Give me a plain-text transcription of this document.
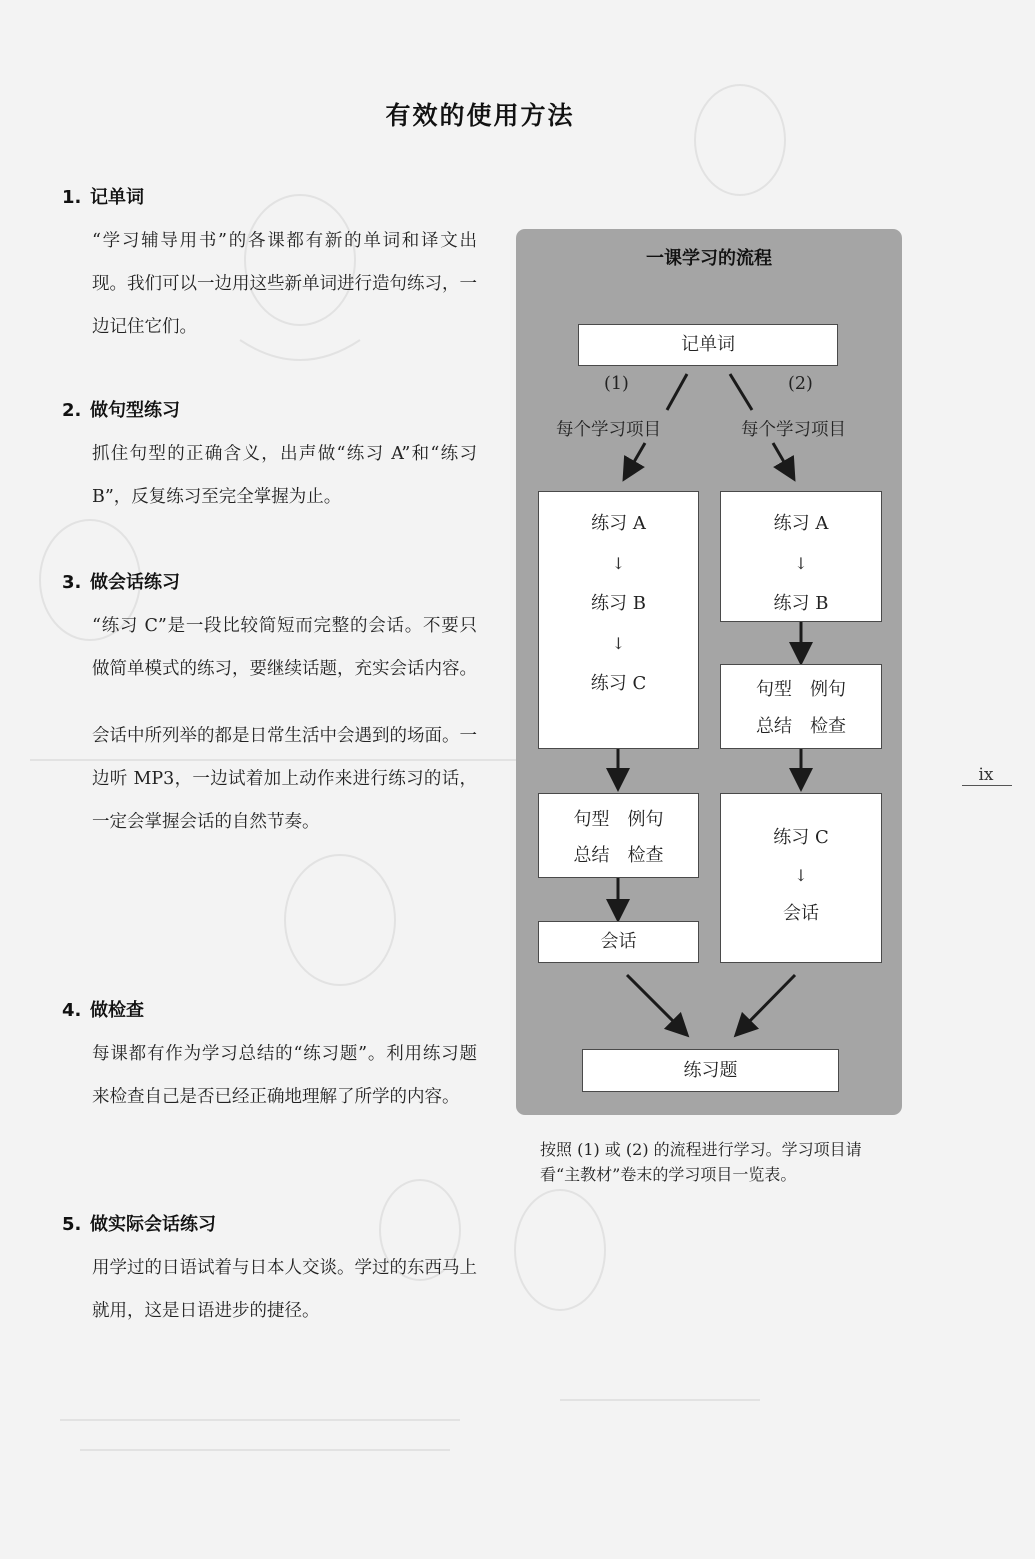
有效的使用方法
1. 记单词
“学习辅导用书”的各课都有新的单词和译文出现。我们可以一边用这些新单词进行造句练习，一边记住它们。
2. 做句型练习
抓住句型的正确含义，出声做“练习 A”和“练习 B”，反复练习至完全掌握为止。
3. 做会话练习
“练习 C”是一段比较简短而完整的会话。不要只做简单模式的练习，要继续话题，充实会话内容。
会话中所列举的都是日常生活中会遇到的场面。一边听 MP3，一边试着加上动作来进行练习的话，一定会掌握会话的自然节奏。
4. 做检查
每课都有作为学习总结的“练习题”。利用练习题来检查自己是否已经正确地理解了所学的内容。
5. 做实际会话练习
用学过的日语试着与日本人交谈。学过的东西马上就用，这是日语进步的捷径。
一课学习的流程
记单词
(1)	(2)
每个学习项目	每个学习项目
练习 A
↓
练习 B
↓
练习 C
句型　例句
总结　检查
会话
练习 A
↓
练习 B
句型　例句
总结　检查
练习 C
↓
会话
练习题
按照 (1) 或 (2) 的流程进行学习。学习项目请看“主教材”卷末的学习项目一览表。
ix
